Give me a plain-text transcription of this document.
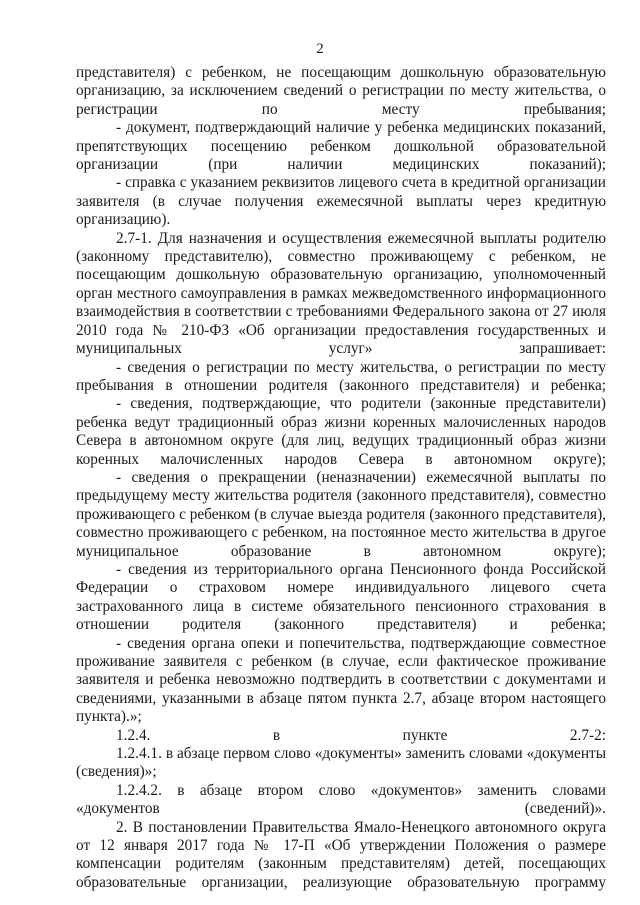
2

представителя) с ребенком, не посещающим дошкольную образовательную организацию, за исключением сведений о регистрации по месту жительства, о регистрации по месту пребывания;

- документ, подтверждающий наличие у ребенка медицинских показаний, препятствующих посещению ребенком дошкольной образовательной организации	(при наличии медицинских показаний);

- справка с указанием реквизитов лицевого счета в кредитной организации заявителя (в случае получения ежемесячной выплаты через кредитную организацию).

2.7-1. Для назначения и осуществления ежемесячной выплаты родителю (законному представителю), совместно проживающему с ребенком, не посещающим дошкольную образовательную организацию, уполномоченный орган местного самоуправления в рамках межведомственного информационного взаимодействия в соответствии с требованиями Федерального закона от 27 июля 2010 года № 210-ФЗ «Об организации предоставления государственных и муниципальных услуг» запрашивает:

- сведения о регистрации по месту жительства, о регистрации по месту пребывания в отношении родителя (законного представителя) и ребенка;

- сведения, подтверждающие, что родители (законные представители) ребенка ведут традиционный образ жизни коренных малочисленных народов Севера в автономном округе (для лиц, ведущих традиционный образ жизни коренных малочисленных народов Севера в автономном округе);

- сведения о прекращении (неназначении) ежемесячной выплаты по предыдущему месту жительства родителя (законного представителя), совместно проживающего с ребенком (в случае выезда родителя (законного представителя), совместно проживающего с ребенком, на постоянное место жительства в другое муниципальное образование в автономном округе);

- сведения из территориального органа Пенсионного фонда Российской Федерации о страховом номере индивидуального лицевого счета застрахованного лица в системе обязательного пенсионного страхования в отношении родителя (законного представителя) и ребенка;

- сведения органа опеки и попечительства, подтверждающие совместное проживание заявителя с ребенком (в случае, если фактическое проживание заявителя и ребенка невозможно подтвердить в соответствии с документами и сведениями, указанными в абзаце пятом пункта 2.7, абзаце втором настоящего пункта).»;

1.2.4. в пункте 2.7-2:

1.2.4.1. в абзаце первом слово «документы» заменить словами «документы (сведения)»;

1.2.4.2. в абзаце втором слово «документов» заменить словами «документов	(сведений)».

2. В постановлении Правительства Ямало-Ненецкого автономного округа от 12 января 2017 года № 17-П «Об утверждении Положения о размере компенсации родителям (законным представителям) детей, посещающих образовательные организации, реализующие образовательную программу
